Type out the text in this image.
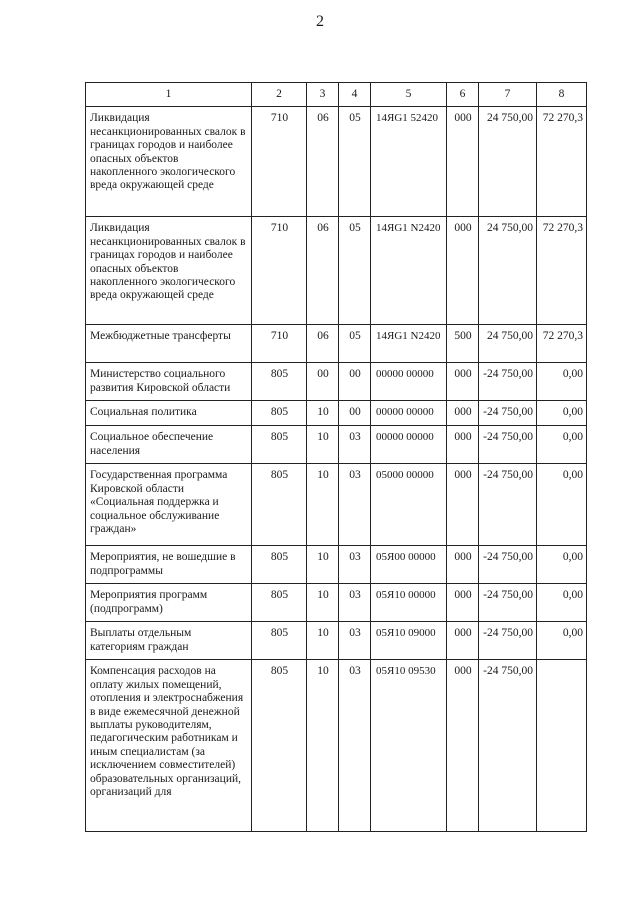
2
1	2	3	4	5	6	7	8
Ликвидация несанкционированных свалок в границах городов и наиболее опасных объектов накопленного экологического вреда окружающей среде	710	06	05	14ЯG1 52420	000	24 750,00	72 270,3
Ликвидация несанкционированных свалок в границах городов и наиболее опасных объектов накопленного экологического вреда окружающей среде	710	06	05	14ЯG1 N2420	000	24 750,00	72 270,3
Межбюджетные трансферты	710	06	05	14ЯG1 N2420	500	24 750,00	72 270,3
Министерство социального развития Кировской области	805	00	00	00000 00000	000	-24 750,00	0,00
Социальная политика	805	10	00	00000 00000	000	-24 750,00	0,00
Социальное обеспечение населения	805	10	03	00000 00000	000	-24 750,00	0,00
Государственная программа Кировской области «Социальная поддержка и социальное обслуживание граждан»	805	10	03	05000 00000	000	-24 750,00	0,00
Мероприятия, не вошедшие в подпрограммы	805	10	03	05Я00 00000	000	-24 750,00	0,00
Мероприятия программ (подпрограмм)	805	10	03	05Я10 00000	000	-24 750,00	0,00
Выплаты отдельным категориям граждан	805	10	03	05Я10 09000	000	-24 750,00	0,00
Компенсация расходов на оплату жилых помещений, отопления и электроснабжения в виде ежемесячной денежной выплаты руководителям, педагогическим работникам и иным специалистам (за исключением совместителей) образовательных организаций, организаций для	805	10	03	05Я10 09530	000	-24 750,00	
